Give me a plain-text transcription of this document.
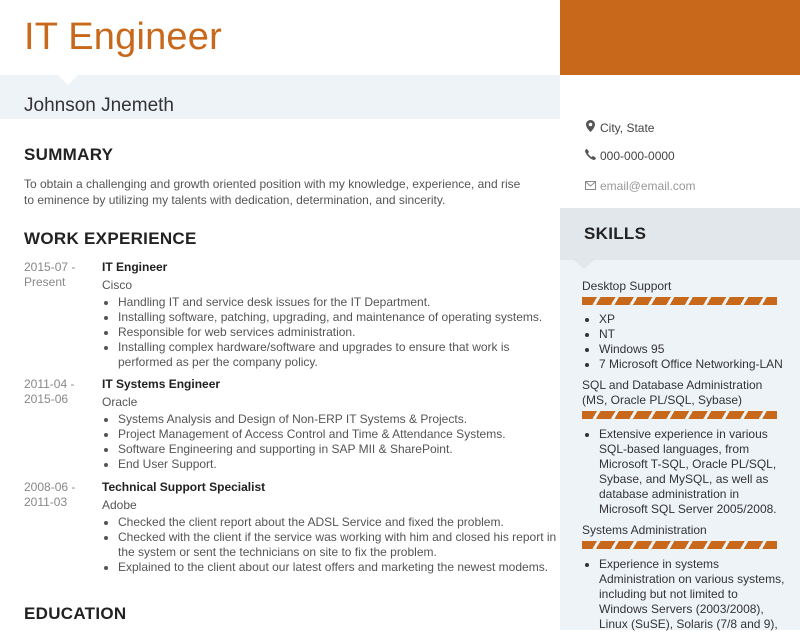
IT Engineer
Johnson Jnemeth
SUMMARY
To obtain a challenging and growth oriented position with my knowledge, experience, and rise to eminence by utilizing my talents with dedication, determination, and sincerity.
WORK EXPERIENCE
2015-07 - Present
IT Engineer
Cisco
• Handling IT and service desk issues for the IT Department.
• Installing software, patching, upgrading, and maintenance of operating systems.
• Responsible for web services administration.
• Installing complex hardware/software and upgrades to ensure that work is performed as per the company policy.
2011-04 - 2015-06
IT Systems Engineer
Oracle
• Systems Analysis and Design of Non-ERP IT Systems & Projects.
• Project Management of Access Control and Time & Attendance Systems.
• Software Engineering and supporting in SAP MII & SharePoint.
• End User Support.
2008-06 - 2011-03
Technical Support Specialist
Adobe
• Checked the client report about the ADSL Service and fixed the problem.
• Checked with the client if the service was working with him and closed his report in the system or sent the technicians on site to fix the problem.
• Explained to the client about our latest offers and marketing the newest modems.
EDUCATION
City, State
000-000-0000
email@email.com
SKILLS
Desktop Support
• XP
• NT
• Windows 95
• 7 Microsoft Office Networking-LAN
SQL and Database Administration (MS, Oracle PL/SQL, Sybase)
• Extensive experience in various SQL-based languages, from Microsoft T-SQL, Oracle PL/SQL, Sybase, and MySQL, as well as database administration in Microsoft SQL Server 2005/2008.
Systems Administration
• Experience in systems Administration on various systems, including but not limited to Windows Servers (2003/2008), Linux (SuSE), Solaris (7/8 and 9),
